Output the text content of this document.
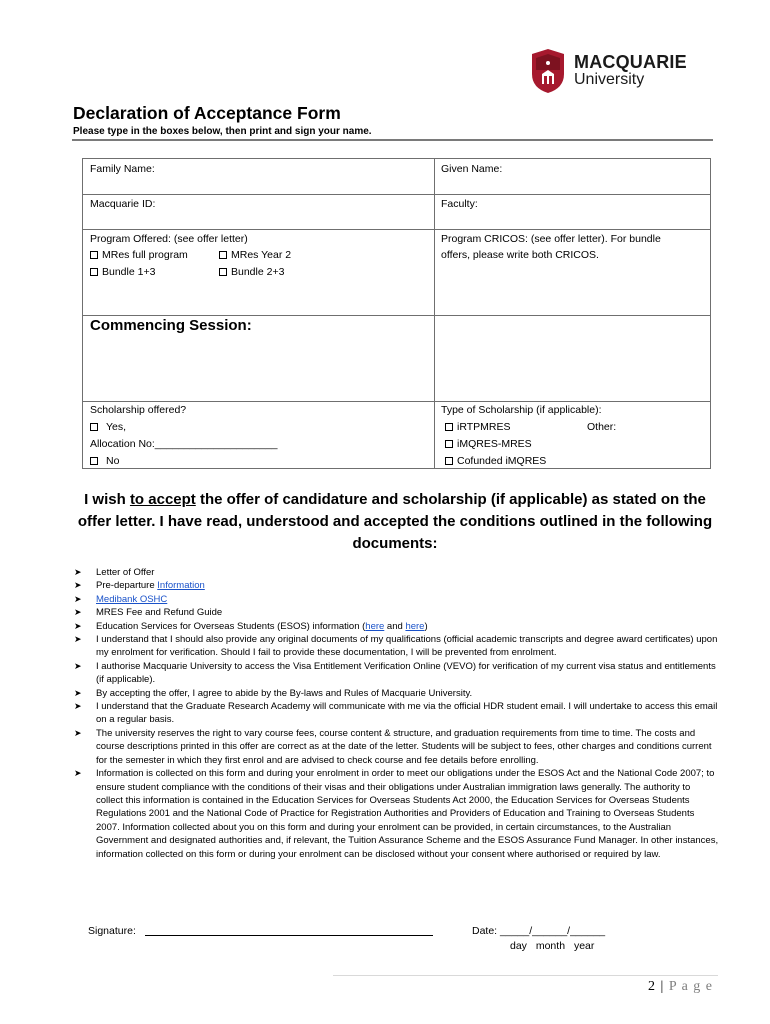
MACQUARIE
University
Declaration of Acceptance Form
Please type in the boxes below, then print and sign your name.
Family Name:	Given Name:
Macquarie ID:	Faculty:
Program Offered: (see offer letter)
MRes full program	MRes Year 2
Bundle 1+3	Bundle 2+3
Program CRICOS: (see offer letter). For bundle
offers, please write both CRICOS.
Commencing Session:
Scholarship offered?
Yes,
Allocation No:_____________________
No
Type of Scholarship (if applicable):
iRTPMRES	Other:
iMQRES-MRES
Cofunded iMQRES
I wish to accept the offer of candidature and scholarship (if applicable) as stated on the offer letter. I have read, understood and accepted the conditions outlined in the following documents:
➤ Letter of Offer
➤ Pre-departure Information
➤ Medibank OSHC
➤ MRES Fee and Refund Guide
➤ Education Services for Overseas Students (ESOS) information (here and here)
➤ I understand that I should also provide any original documents of my qualifications (official academic transcripts and degree award certificates) upon my enrolment for verification. Should I fail to provide these documentation, I will be prevented from enrolment.
➤ I authorise Macquarie University to access the Visa Entitlement Verification Online (VEVO) for verification of my current visa status and entitlements (if applicable).
➤ By accepting the offer, I agree to abide by the By-laws and Rules of Macquarie University.
➤ I understand that the Graduate Research Academy will communicate with me via the official HDR student email. I will undertake to access this email on a regular basis.
➤ The university reserves the right to vary course fees, course content & structure, and graduation requirements from time to time. The costs and course descriptions printed in this offer are correct as at the date of the letter. Students will be subject to fees, other charges and conditions current for the semester in which they first enrol and are advised to check course and fee details before enrolling.
➤ Information is collected on this form and during your enrolment in order to meet our obligations under the ESOS Act and the National Code 2007; to ensure student compliance with the conditions of their visas and their obligations under Australian immigration laws generally. The authority to collect this information is contained in the Education Services for Overseas Students Act 2000, the Education Services for Overseas Students Regulations 2001 and the National Code of Practice for Registration Authorities and Providers of Education and Training to Overseas Students 2007. Information collected about you on this form and during your enrolment can be provided, in certain circumstances, to the Australian Government and designated authorities and, if relevant, the Tuition Assurance Scheme and the ESOS Assurance Fund Manager. In other instances, information collected on this form or during your enrolment can be disclosed without your consent where authorised or required by law.
Signature:	Date: _____/______/______
day month year
2 | P a g e
